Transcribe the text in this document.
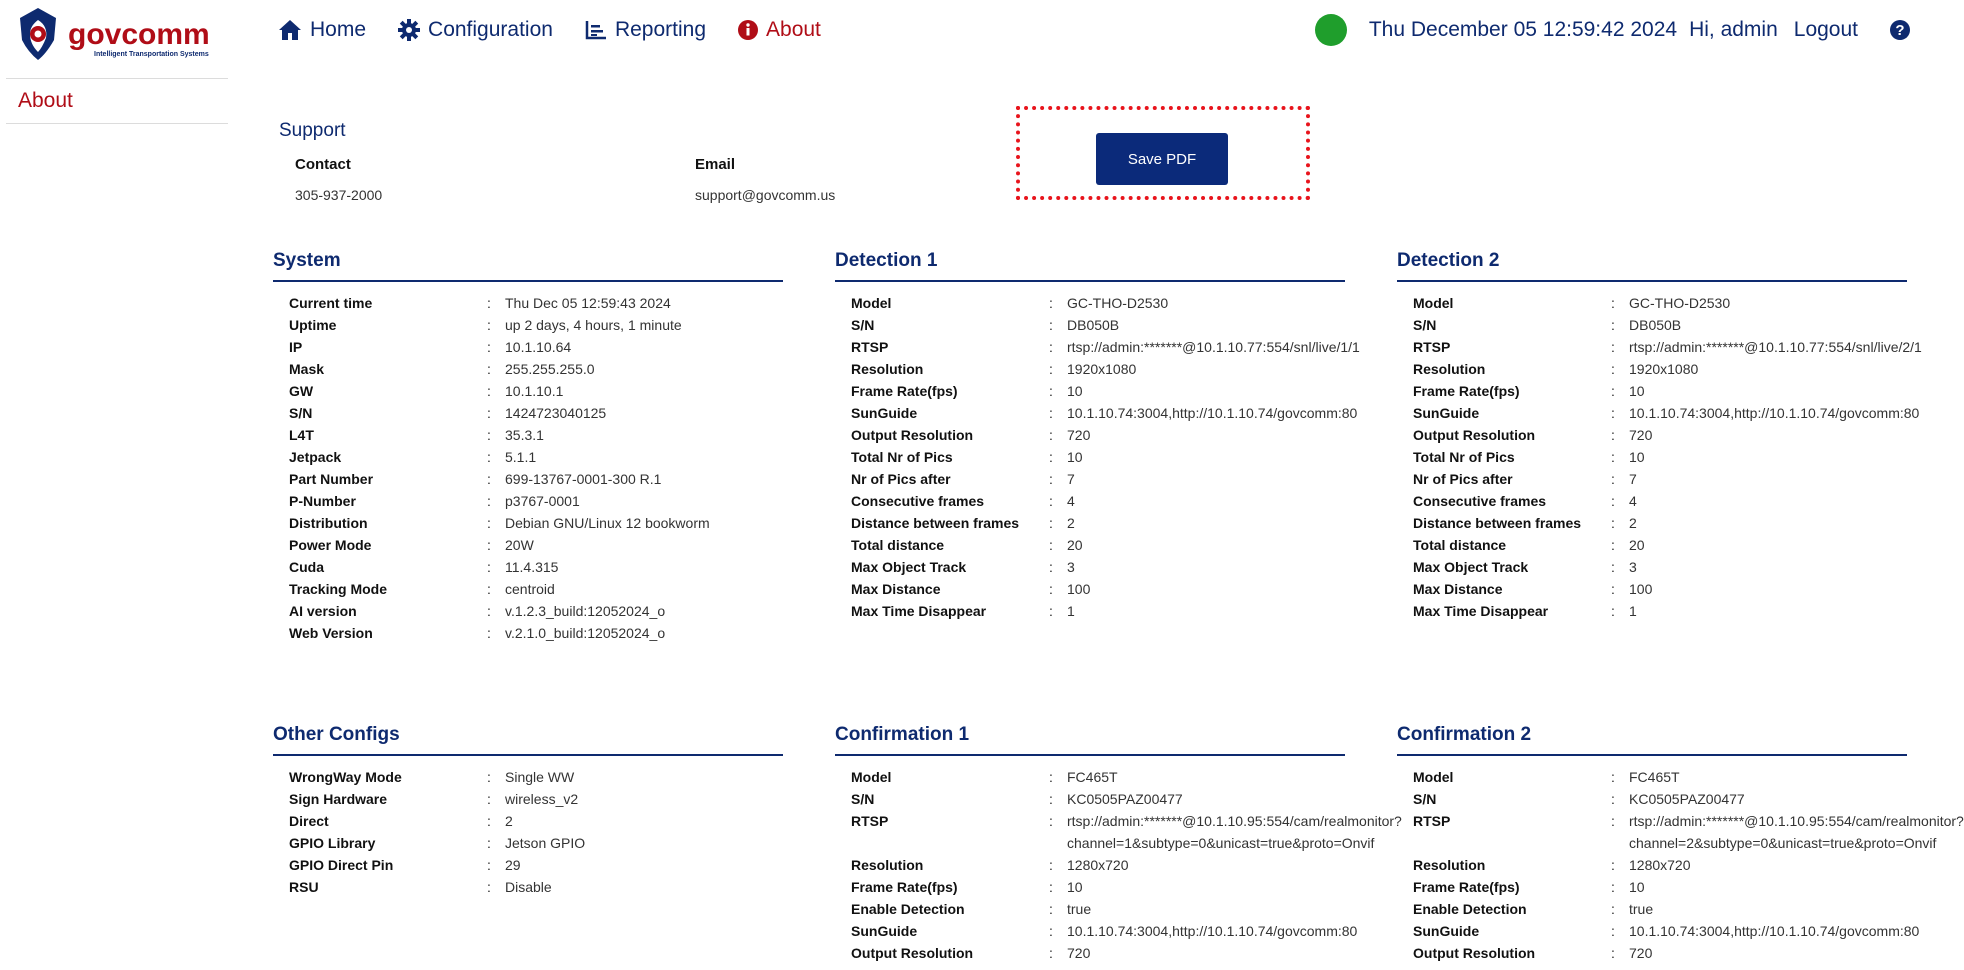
govcomm
Intelligent Transportation Systems
Home	Configuration	Reporting	About	Thu December 05 12:59:42 2024 Hi, admin Logout	?
About
Support
Contact	Email
305-937-2000	support@govcomm.us
Save PDF
System
Current time	:	Thu Dec 05 12:59:43 2024
Uptime	:	up 2 days, 4 hours, 1 minute
IP	:	10.1.10.64
Mask	:	255.255.255.0
GW	:	10.1.10.1
S/N	:	1424723040125
L4T	:	35.3.1
Jetpack	:	5.1.1
Part Number	:	699-13767-0001-300 R.1
P-Number	:	p3767-0001
Distribution	:	Debian GNU/Linux 12 bookworm
Power Mode	:	20W
Cuda	:	11.4.315
Tracking Mode	:	centroid
AI version	:	v.1.2.3_build:12052024_o
Web Version	:	v.2.1.0_build:12052024_o
Detection 1
Model	:	GC-THO-D2530
S/N	:	DB050B
RTSP	:	rtsp://admin:*******@10.1.10.77:554/snl/live/1/1
Resolution	:	1920x1080
Frame Rate(fps)	:	10
SunGuide	:	10.1.10.74:3004,http://10.1.10.74/govcomm:80
Output Resolution	:	720
Total Nr of Pics	:	10
Nr of Pics after	:	7
Consecutive frames	:	4
Distance between frames	:	2
Total distance	:	20
Max Object Track	:	3
Max Distance	:	100
Max Time Disappear	:	1
Detection 2
Model	:	GC-THO-D2530
S/N	:	DB050B
RTSP	:	rtsp://admin:*******@10.1.10.77:554/snl/live/2/1
Resolution	:	1920x1080
Frame Rate(fps)	:	10
SunGuide	:	10.1.10.74:3004,http://10.1.10.74/govcomm:80
Output Resolution	:	720
Total Nr of Pics	:	10
Nr of Pics after	:	7
Consecutive frames	:	4
Distance between frames	:	2
Total distance	:	20
Max Object Track	:	3
Max Distance	:	100
Max Time Disappear	:	1
Other Configs
WrongWay Mode	:	Single WW
Sign Hardware	:	wireless_v2
Direct	:	2
GPIO Library	:	Jetson GPIO
GPIO Direct Pin	:	29
RSU	:	Disable
Confirmation 1
Model	:	FC465T
S/N	:	KC0505PAZ00477
RTSP	:	rtsp://admin:*******@10.1.10.95:554/cam/realmonitor?channel=1&subtype=0&unicast=true&proto=Onvif
Resolution	:	1280x720
Frame Rate(fps)	:	10
Enable Detection	:	true
SunGuide	:	10.1.10.74:3004,http://10.1.10.74/govcomm:80
Output Resolution	:	720
Confirmation 2
Model	:	FC465T
S/N	:	KC0505PAZ00477
RTSP	:	rtsp://admin:*******@10.1.10.95:554/cam/realmonitor?channel=2&subtype=0&unicast=true&proto=Onvif
Resolution	:	1280x720
Frame Rate(fps)	:	10
Enable Detection	:	true
SunGuide	:	10.1.10.74:3004,http://10.1.10.74/govcomm:80
Output Resolution	:	720
